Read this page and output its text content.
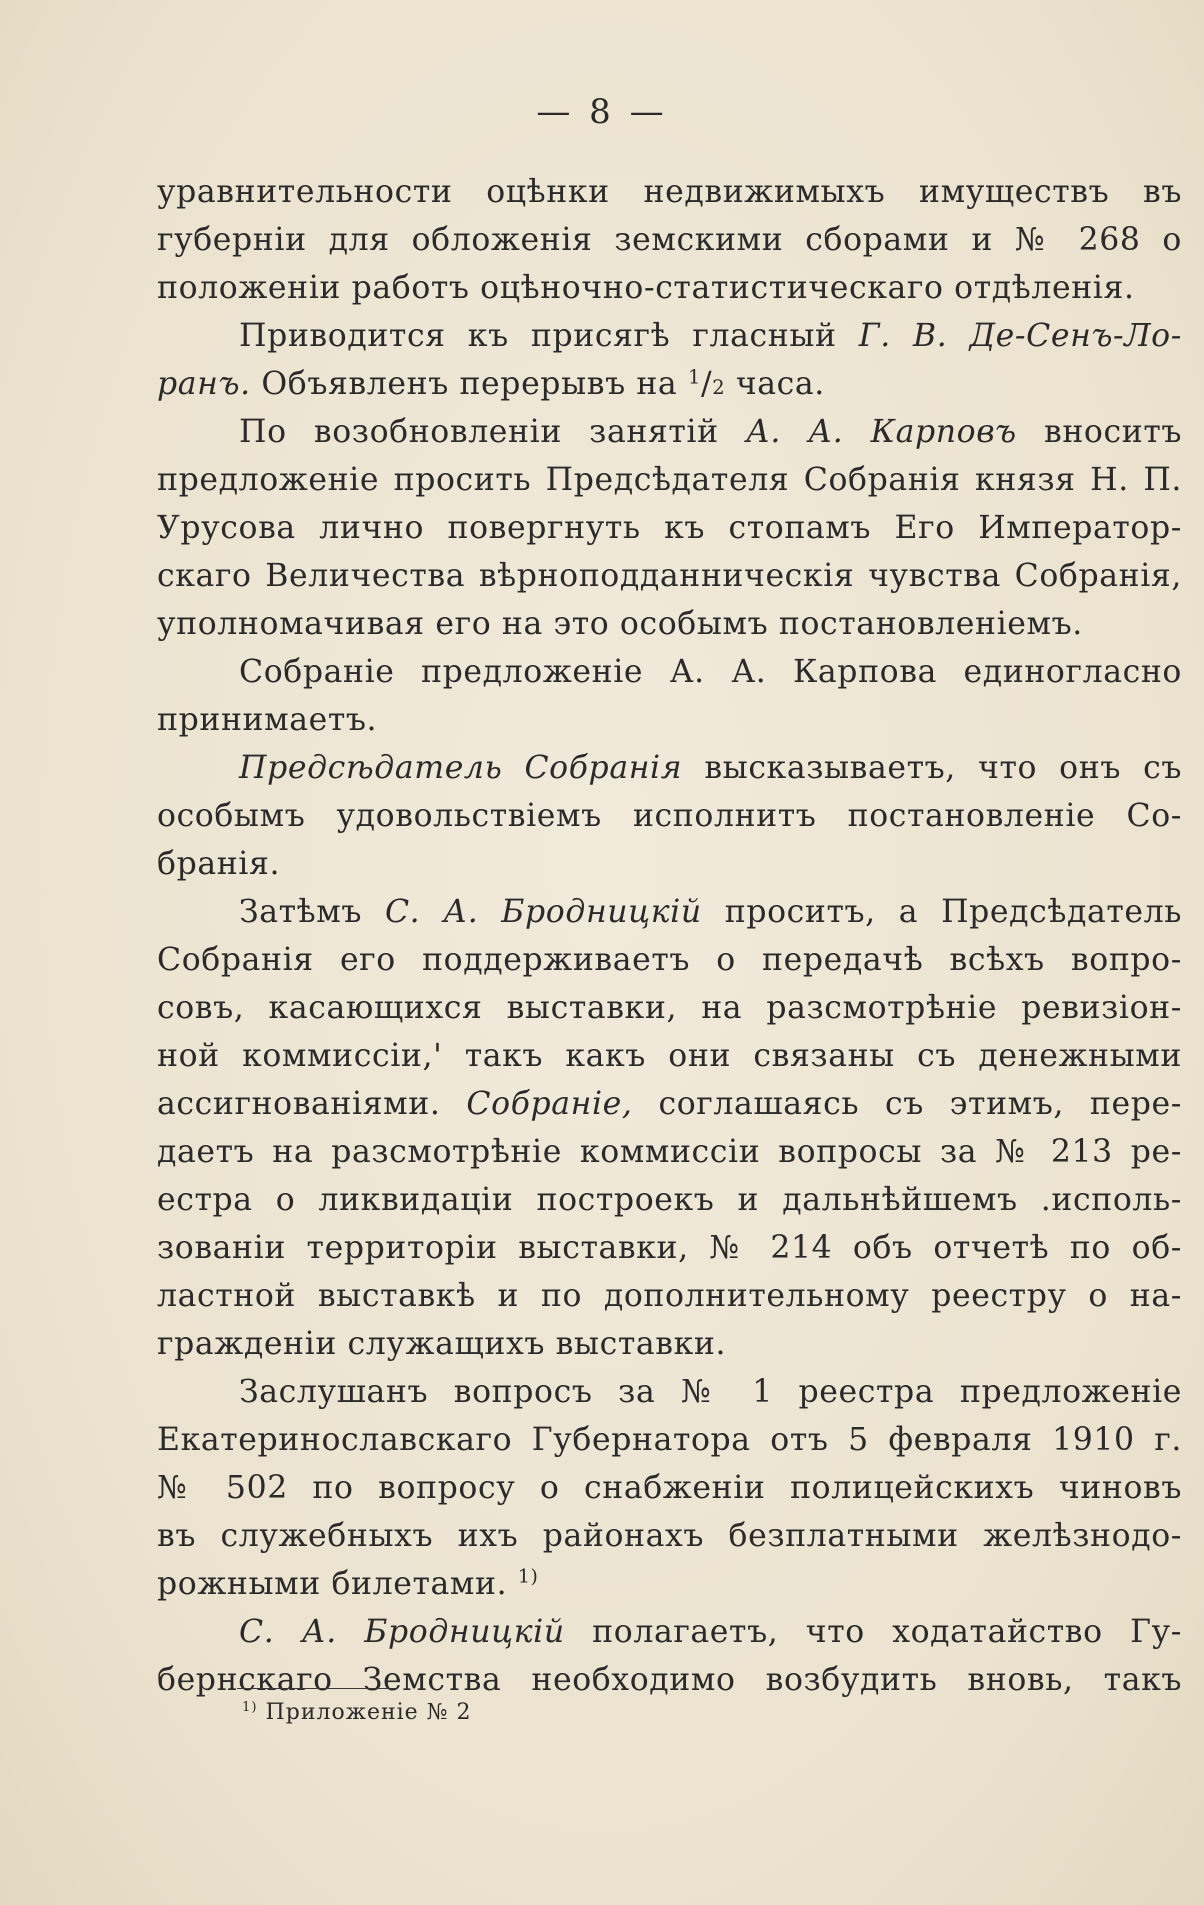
— 8 —
уравнительности оцѣнки недвижимыхъ имуществъ въ
губерніи для обложенія земскими сборами и № 268 о
положеніи работъ оцѣночно-статистическаго отдѣленія.
Приводится къ присягѣ гласный Г. В. Де-Сенъ-Ло-
ранъ. Объявленъ перерывъ на $^1$/2 часа.
По возобновленіи занятій А. А. Карповъ вноситъ
предложеніе просить Предсѣдателя Собранія князя Н. П.
Урусова лично повергнуть къ стопамъ Его Император-
скаго Величества вѣрноподданническія чувства Собранія,
уполномачивая его на это особымъ постановленіемъ.
Собраніе предложеніе А. А. Карпова единогласно
принимаетъ.
Предсѣдатель Собранія высказываетъ, что онъ съ
особымъ удовольствіемъ исполнитъ постановленіе Со-
бранія.
Затѣмъ С. А. Бродницкій проситъ, а Предсѣдатель
Собранія его поддерживаетъ о передачѣ всѣхъ вопро-
совъ, касающихся выставки, на разсмотрѣніе ревизіон-
ной коммиссіи,' такъ какъ они связаны съ денежными
ассигнованіями. Собраніе, соглашаясь съ этимъ, пере-
даетъ на разсмотрѣніе коммиссіи вопросы за № 213 ре-
естра о ликвидаціи построекъ и дальнѣйшемъ .исполь-
зованіи территоріи выставки, № 214 объ отчетѣ по об-
ластной выставкѣ и по дополнительному реестру о на-
гражденіи служащихъ выставки.
Заслушанъ вопросъ за № 1 реестра предложеніе
Екатеринославскаго Губернатора отъ 5 февраля 1910 г.
№ 502 по вопросу о снабженіи полицейскихъ чиновъ
въ служебныхъ ихъ районахъ безплатными желѣзнодо-
рожными билетами. $^{1)}$
С. А. Бродницкій полагаетъ, что ходатайство Гу-
бернскаго Земства необходимо возбудить вновь, такъ
$^{1)}$ Приложеніе № 2
